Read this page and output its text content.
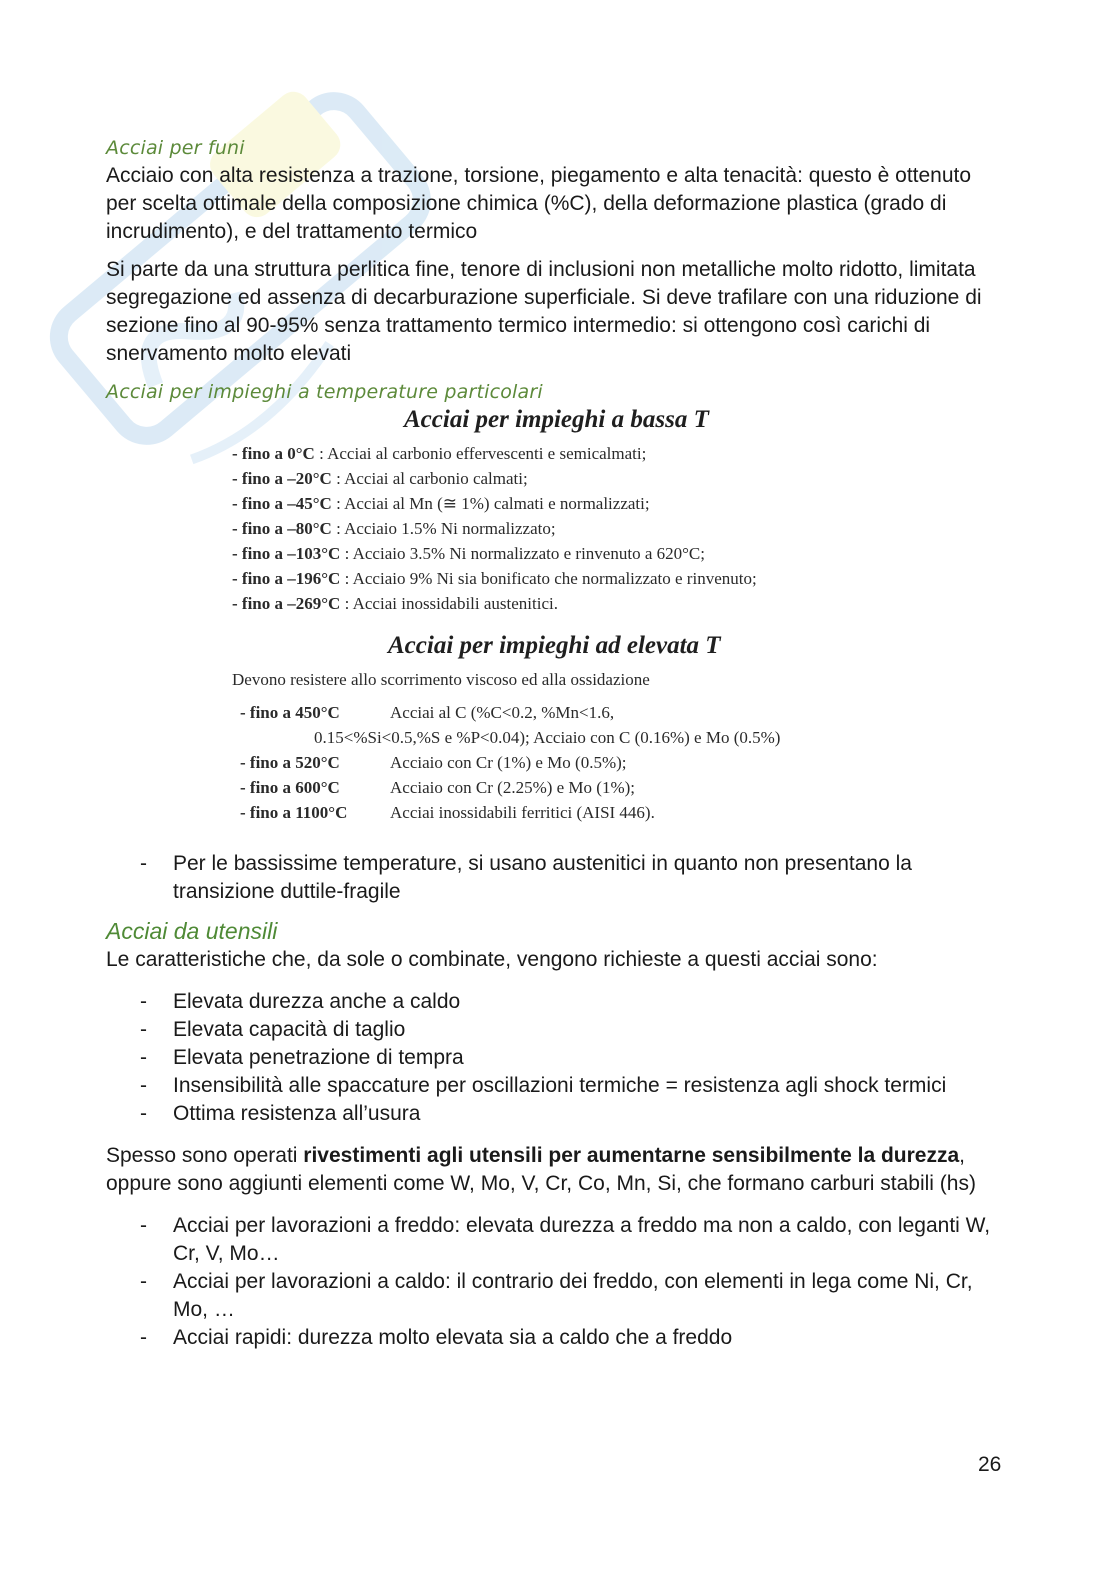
Acciai per funi

Acciaio con alta resistenza a trazione, torsione, piegamento e alta tenacità: questo è ottenuto per scelta ottimale della composizione chimica (%C), della deformazione plastica (grado di incrudimento), e del trattamento termico

Si parte da una struttura perlitica fine, tenore di inclusioni non metalliche molto ridotto, limitata segregazione ed assenza di decarburazione superficiale. Si deve trafilare con una riduzione di sezione fino al 90-95% senza trattamento termico intermedio: si ottengono così carichi di snervamento molto elevati

Acciai per impieghi a temperature particolari

Acciai per impieghi a bassa T
- fino a 0°C : Acciai al carbonio effervescenti e semicalmati;
- fino a –20°C : Acciai al carbonio calmati;
- fino a –45°C : Acciai al Mn (≅ 1%) calmati e normalizzati;
- fino a –80°C : Acciaio 1.5% Ni normalizzato;
- fino a –103°C : Acciaio 3.5% Ni normalizzato e rinvenuto a 620°C;
- fino a –196°C : Acciaio 9% Ni sia bonificato che normalizzato e rinvenuto;
- fino a –269°C : Acciai inossidabili austenitici.
Acciai per impieghi ad elevata T
Devono resistere allo scorrimento viscoso ed alla ossidazione
- fino a 450°C	Acciai al C (%C<0.2, %Mn<1.6,
0.15<%Si<0.5,%S e %P<0.04); Acciaio con C (0.16%) e Mo (0.5%)
- fino a 520°C	Acciaio con Cr (1%) e Mo (0.5%);
- fino a 600°C	Acciaio con Cr (2.25%) e Mo (1%);
- fino a 1100°C	Acciai inossidabili ferritici (AISI 446).
- Per le bassissime temperature, si usano austenitici in quanto non presentano la transizione duttile-fragile

Acciai da utensili

Le caratteristiche che, da sole o combinate, vengono richieste a questi acciai sono:

- Elevata durezza anche a caldo
- Elevata capacità di taglio
- Elevata penetrazione di tempra
- Insensibilità alle spaccature per oscillazioni termiche = resistenza agli shock termici
- Ottima resistenza all’usura

Spesso sono operati rivestimenti agli utensili per aumentarne sensibilmente la durezza, oppure sono aggiunti elementi come W, Mo, V, Cr, Co, Mn, Si, che formano carburi stabili (hs)

- Acciai per lavorazioni a freddo: elevata durezza a freddo ma non a caldo, con leganti W, Cr, V, Mo…
- Acciai per lavorazioni a caldo: il contrario dei freddo, con elementi in lega come Ni, Cr, Mo, …
- Acciai rapidi: durezza molto elevata sia a caldo che a freddo
26
